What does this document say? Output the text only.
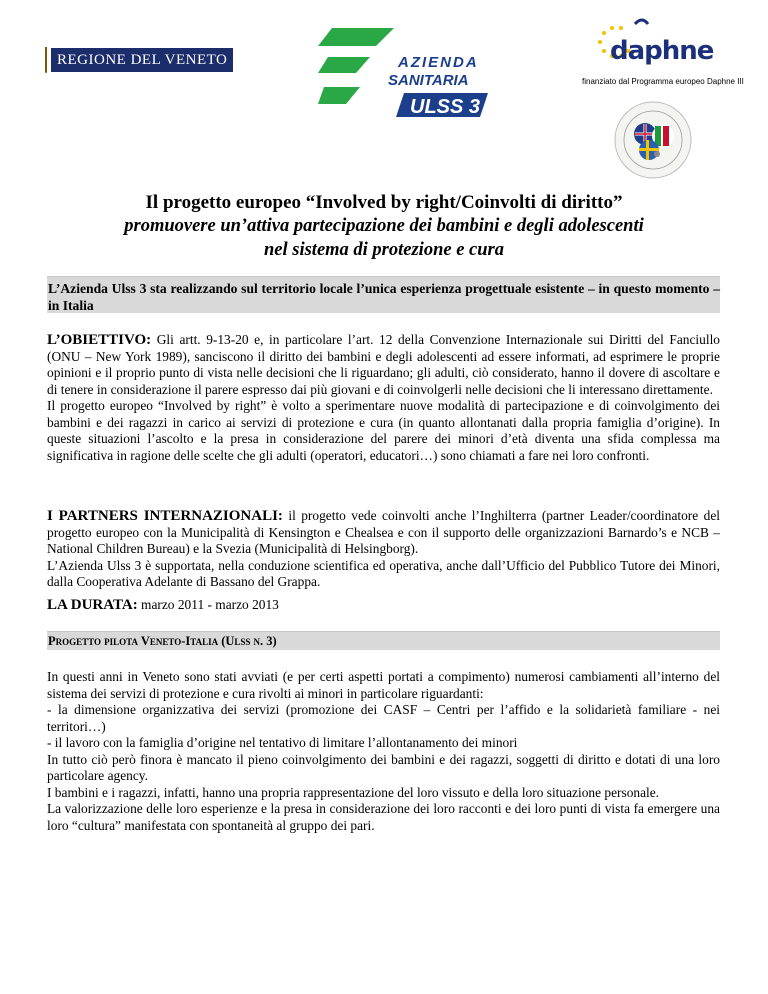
REGIONE DEL VENETO	AZIENDA
SANITARIA
ULSS 3
daphne
finanziato dal Programma europeo Daphne III

Il progetto europeo “Involved by right/Coinvolti di diritto”

promuovere un’attiva partecipazione dei bambini e degli adolescenti

nel sistema di protezione e cura

L’Azienda Ulss 3 sta realizzando sul territorio locale l’unica esperienza progettuale esistente – in questo momento – in Italia

L’OBIETTIVO: Gli artt. 9-13-20 e, in particolare l’art. 12 della Convenzione Internazionale sui Diritti del Fanciullo (ONU – New York 1989), sanciscono il diritto dei bambini e degli adolescenti ad essere informati, ad esprimere le proprie opinioni e il proprio punto di vista nelle decisioni che li riguardano; gli adulti, ciò considerato, hanno il dovere di ascoltare e di tenere in considerazione il parere espresso dai più giovani e di coinvolgerli nelle decisioni che li interessano direttamente.
Il progetto europeo “Involved by right” è volto a sperimentare nuove modalità di partecipazione e di coinvolgimento dei bambini e dei ragazzi in carico ai servizi di protezione e cura (in quanto allontanati dalla propria famiglia d’origine). In queste situazioni l’ascolto e la presa in considerazione del parere dei minori d’età diventa una sfida complessa ma significativa in ragione delle scelte che gli adulti (operatori, educatori…) sono chiamati a fare nei loro confronti.

I PARTNERS INTERNAZIONALI: il progetto vede coinvolti anche l’Inghilterra (partner Leader/coordinatore del progetto europeo con la Municipalità di Kensington e Chealsea e con il supporto delle organizzazioni Barnardo’s e NCB – National Children Bureau) e la Svezia (Municipalità di Helsingborg).
L’Azienda Ulss 3 è supportata, nella conduzione scientifica ed operativa, anche dall’Ufficio del Pubblico Tutore dei Minori, dalla Cooperativa Adelante di Bassano del Grappa.

LA DURATA: marzo 2011 - marzo 2013

Progetto pilota Veneto-Italia (Ulss n. 3)

In questi anni in Veneto sono stati avviati (e per certi aspetti portati a compimento) numerosi cambiamenti all’interno del sistema dei servizi di protezione e cura rivolti ai minori in particolare riguardanti:
- la dimensione organizzativa dei servizi (promozione dei CASF – Centri per l’affido e la solidarietà familiare - nei territori…)
- il lavoro con la famiglia d’origine nel tentativo di limitare l’allontanamento dei minori
In tutto ciò però finora è mancato il pieno coinvolgimento dei bambini e dei ragazzi, soggetti di diritto e dotati di una loro particolare agency.
I bambini e i ragazzi, infatti, hanno una propria rappresentazione del loro vissuto e della loro situazione personale.
La valorizzazione delle loro esperienze e la presa in considerazione dei loro racconti e dei loro punti di vista fa emergere una loro “cultura” manifestata con spontaneità al gruppo dei pari.
